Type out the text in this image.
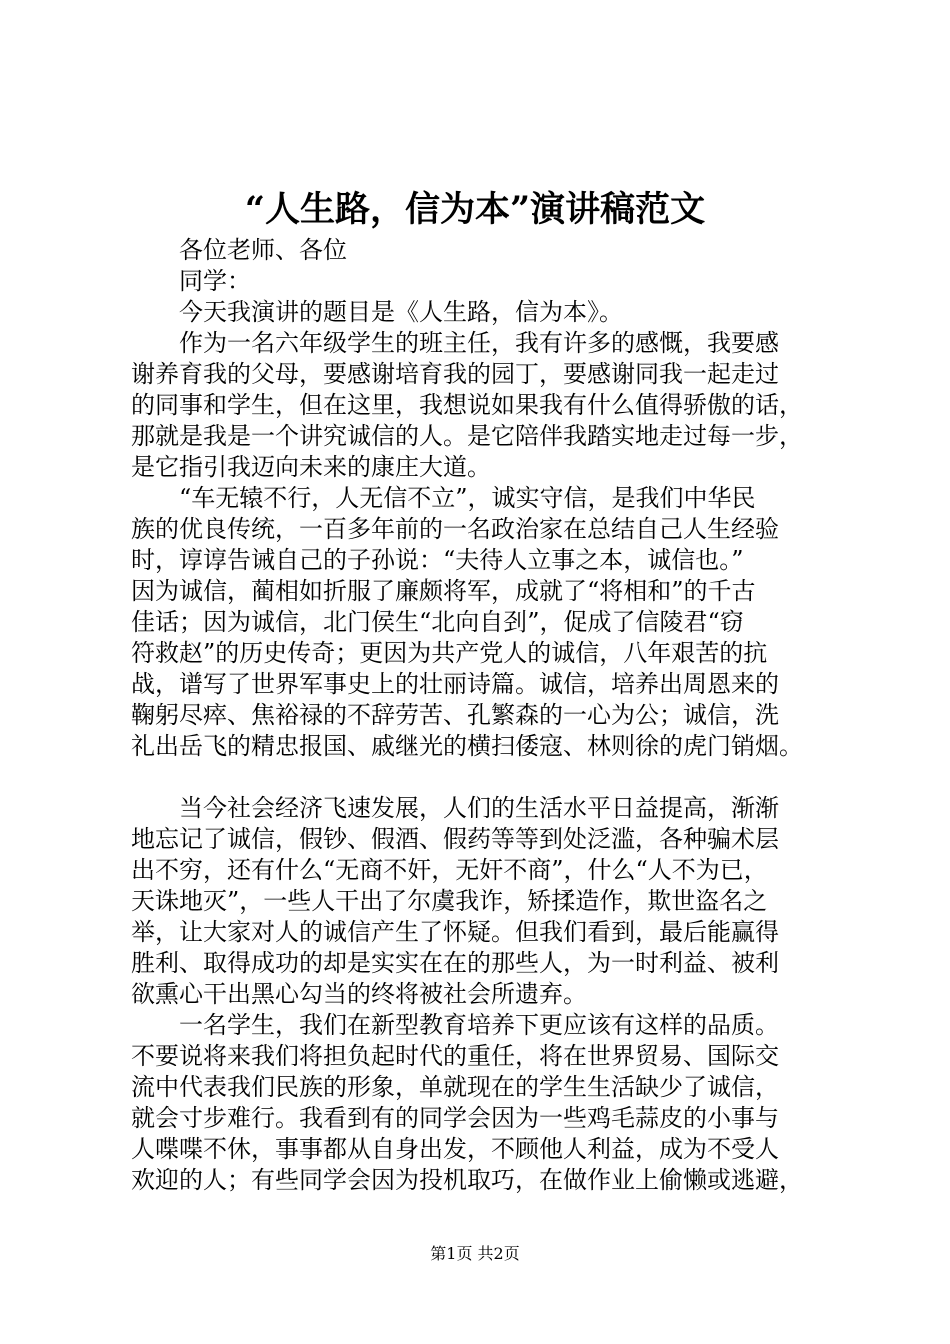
“人生路，信为本”演讲稿范文
各位老师、各位
同学：
今天我演讲的题目是《人生路，信为本》。
作为一名六年级学生的班主任，我有许多的感慨，我要感
谢养育我的父母，要感谢培育我的园丁，要感谢同我一起走过
的同事和学生，但在这里，我想说如果我有什么值得骄傲的话，
那就是我是一个讲究诚信的人。是它陪伴我踏实地走过每一步，
是它指引我迈向未来的康庄大道。
“车无辕不行，人无信不立”，诚实守信，是我们中华民
族的优良传统，一百多年前的一名政治家在总结自己人生经验
时，谆谆告诫自己的子孙说：“夫待人立事之本，诚信也。”
因为诚信，蔺相如折服了廉颇将军，成就了“将相和”的千古
佳话；因为诚信，北门侯生“北向自刭”，促成了信陵君“窃
符救赵”的历史传奇；更因为共产党人的诚信，八年艰苦的抗
战，谱写了世界军事史上的壮丽诗篇。诚信，培养出周恩来的
鞠躬尽瘁、焦裕禄的不辞劳苦、孔繁森的一心为公；诚信，洗
礼出岳飞的精忠报国、戚继光的横扫倭寇、林则徐的虎门销烟。
当今社会经济飞速发展，人们的生活水平日益提高，渐渐
地忘记了诚信，假钞、假酒、假药等等到处泛滥，各种骗术层
出不穷，还有什么“无商不奸，无奸不商”，什么“人不为已，
天诛地灭”，一些人干出了尔虞我诈，矫揉造作，欺世盗名之
举，让大家对人的诚信产生了怀疑。但我们看到，最后能赢得
胜利、取得成功的却是实实在在的那些人，为一时利益、被利
欲熏心干出黑心勾当的终将被社会所遗弃。
一名学生，我们在新型教育培养下更应该有这样的品质。
不要说将来我们将担负起时代的重任，将在世界贸易、国际交
流中代表我们民族的形象，单就现在的学生生活缺少了诚信，
就会寸步难行。我看到有的同学会因为一些鸡毛蒜皮的小事与
人喋喋不休，事事都从自身出发，不顾他人利益，成为不受人
欢迎的人；有些同学会因为投机取巧，在做作业上偷懒或逃避，
第1页 共2页
